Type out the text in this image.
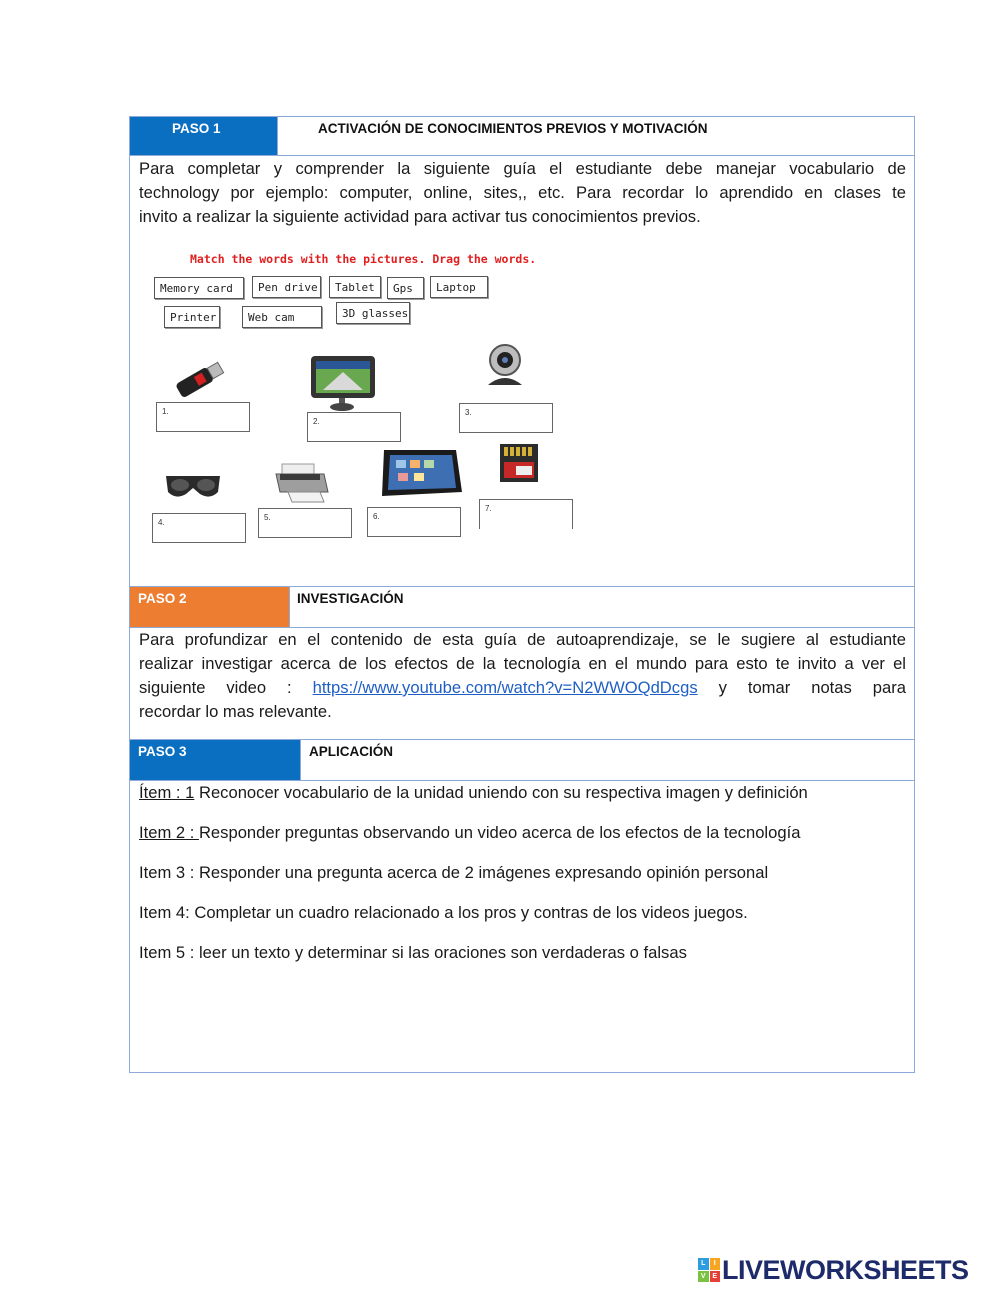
PASO 1	ACTIVACIÓN DE CONOCIMIENTOS PREVIOS Y MOTIVACIÓN
Para completar y comprender la siguiente guía el estudiante debe manejar vocabulario de
technology por ejemplo: computer, online, sites,, etc. Para recordar lo aprendido en clases te
invito a realizar la siguiente actividad para activar tus conocimientos previos.
Match the words with the pictures. Drag the words.
Memory card	Pen drive	Tablet	Gps	Laptop
Printer	Web cam	3D glasses
1.
2.
3.
4.
5.	6.
7.
PASO 2	INVESTIGACIÓN
Para profundizar en el contenido de esta guía de autoaprendizaje, se le sugiere al estudiante
realizar investigar acerca de los efectos de la tecnología en el mundo para esto te invito a ver el
siguiente video : https://www.youtube.com/watch?v=N2WWOQdDcgs y tomar notas para
recordar lo mas relevante.
PASO 3	APLICACIÓN
Ítem : 1 Reconocer vocabulario de la unidad uniendo con su respectiva imagen y definición
Item 2 : Responder preguntas observando un video acerca de los efectos de la tecnología
Item 3 : Responder una pregunta acerca de 2 imágenes expresando opinión personal
Item 4: Completar un cuadro relacionado a los pros y contras de los videos juegos.
Item 5 : leer un texto y determinar si las oraciones son verdaderas o falsas
L	I
V E LIVEWORKSHEETS
